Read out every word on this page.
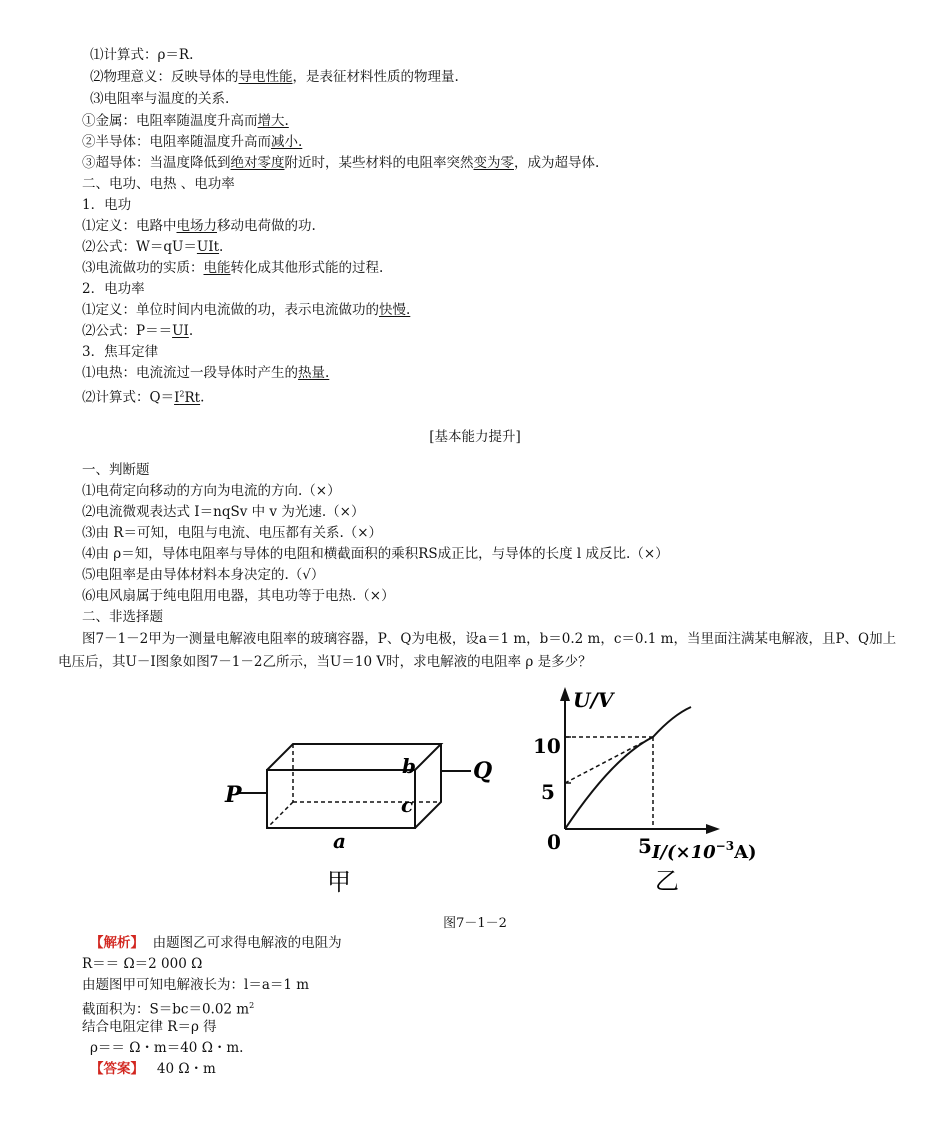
⑴计算式：ρ＝R.
⑵物理意义：反映导体的导电性能，是表征材料性质的物理量.
⑶电阻率与温度的关系.
①金属：电阻率随温度升高而增大.
②半导体：电阻率随温度升高而减小.
③超导体：当温度降低到绝对零度附近时，某些材料的电阻率突然变为零，成为超导体.
二、电功、电热 、电功率
1．电功
⑴定义：电路中电场力移动电荷做的功.
⑵公式：W＝qU＝UIt.
⑶电流做功的实质：电能转化成其他形式能的过程.
2．电功率
⑴定义：单位时间内电流做的功，表示电流做功的快慢.
⑵公式：P＝＝UI.
3．焦耳定律
⑴电热：电流流过一段导体时产生的热量.
⑵计算式：$Q=I^2Rt$.
[基本能力提升]
一、判断题
⑴电荷定向移动的方向为电流的方向.（×）
⑵电流微观表达式 I＝nqSv 中 v 为光速.（×）
⑶由 R＝可知，电阻与电流、电压都有关系.（×）
⑷由 ρ＝知，导体电阻率与导体的电阻和横截面积的乘积RS成正比，与导体的长度 l 成反比.（×）
⑸电阻率是由导体材料本身决定的.（√）
⑹电风扇属于纯电阻用电器，其电功等于电热.（×）
二、非选择题
图7－1－2甲为一测量电解液电阻率的玻璃容器，P、Q为电极，设a＝1 m，b＝0.2 m，c＝0.1 m，当里面注满某电解液，且P、Q加上电压后，其U－I图象如图7－1－2乙所示，当U＝10 V时，求电解液的电阻率 ρ 是多少？
P
Q
b
c
a
甲
U/V
10
5
0	5 $I/(\times 10^{-3}A)$
乙
图7－1－2
【解析】 由题图乙可求得电解液的电阻为
R＝＝ Ω＝2 000 Ω
由题图甲可知电解液长为：l＝a＝1 m
截面积为：S＝bc＝0.02 $m^2$
结合电阻定律 R＝ρ 得
ρ＝＝ Ω・m＝40 Ω・m.
【答案】 40 Ω・m
